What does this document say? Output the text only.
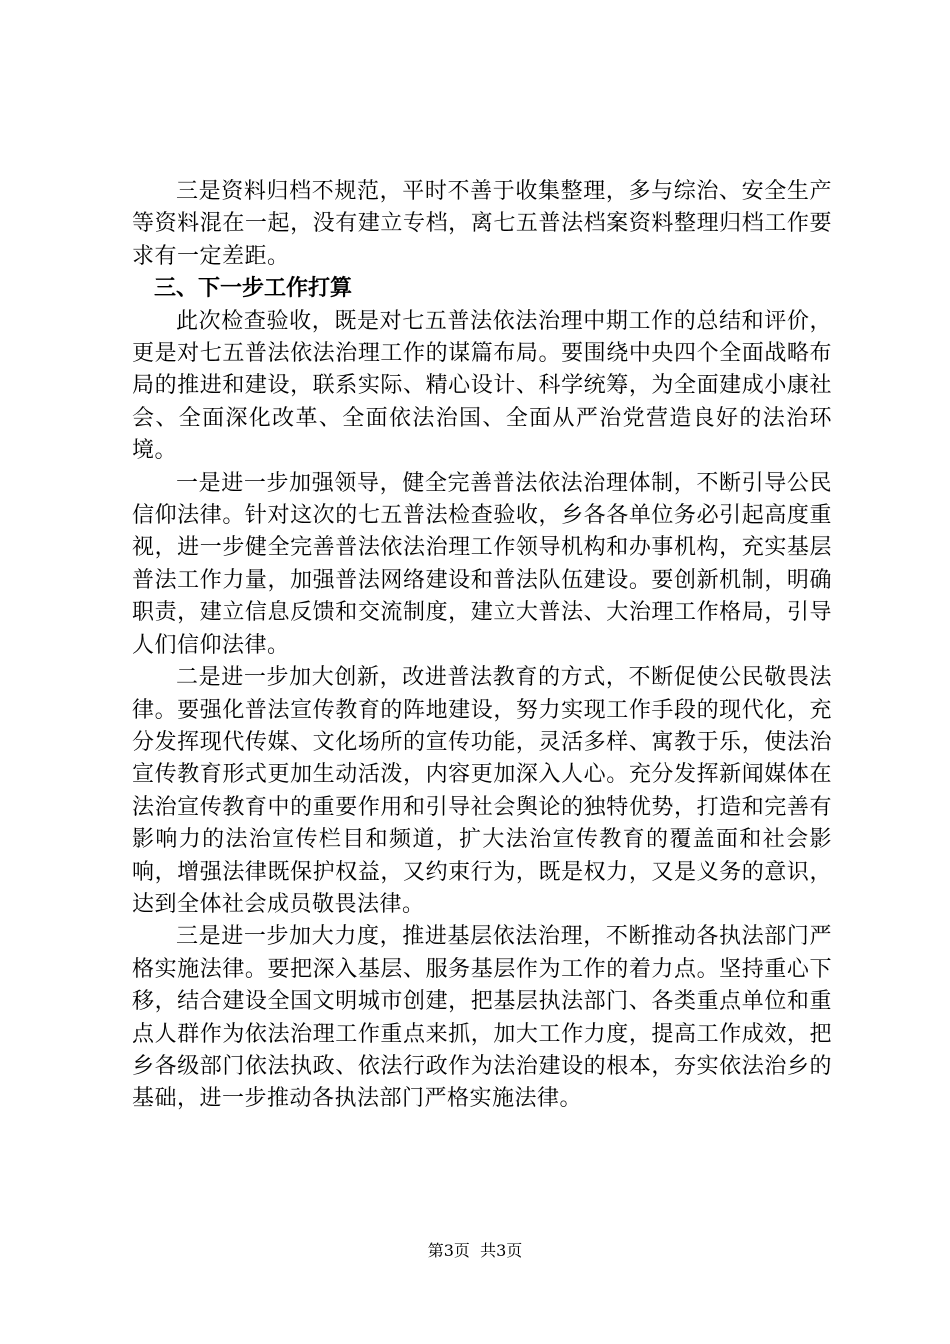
三是资料归档不规范，平时不善于收集整理，多与综治、安全生产等资料混在一起，没有建立专档，离七五普法档案资料整理归档工作要求有一定差距。

三、下一步工作打算

此次检查验收，既是对七五普法依法治理中期工作的总结和评价，更是对七五普法依法治理工作的谋篇布局。要围绕中央四个全面战略布局的推进和建设，联系实际、精心设计、科学统筹，为全面建成小康社会、全面深化改革、全面依法治国、全面从严治党营造良好的法治环境。

一是进一步加强领导，健全完善普法依法治理体制，不断引导公民信仰法律。针对这次的七五普法检查验收，乡各各单位务必引起高度重视，进一步健全完善普法依法治理工作领导机构和办事机构，充实基层普法工作力量，加强普法网络建设和普法队伍建设。要创新机制，明确职责，建立信息反馈和交流制度，建立大普法、大治理工作格局，引导人们信仰法律。

二是进一步加大创新，改进普法教育的方式，不断促使公民敬畏法律。要强化普法宣传教育的阵地建设，努力实现工作手段的现代化，充分发挥现代传媒、文化场所的宣传功能，灵活多样、寓教于乐，使法治宣传教育形式更加生动活泼，内容更加深入人心。充分发挥新闻媒体在法治宣传教育中的重要作用和引导社会舆论的独特优势，打造和完善有影响力的法治宣传栏目和频道，扩大法治宣传教育的覆盖面和社会影响，增强法律既保护权益，又约束行为，既是权力，又是义务的意识，达到全体社会成员敬畏法律。

三是进一步加大力度，推进基层依法治理，不断推动各执法部门严格实施法律。要把深入基层、服务基层作为工作的着力点。坚持重心下移，结合建设全国文明城市创建，把基层执法部门、各类重点单位和重点人群作为依法治理工作重点来抓，加大工作力度，提高工作成效，把乡各级部门依法执政、依法行政作为法治建设的根本，夯实依法治乡的基础，进一步推动各执法部门严格实施法律。

第3页  共3页
